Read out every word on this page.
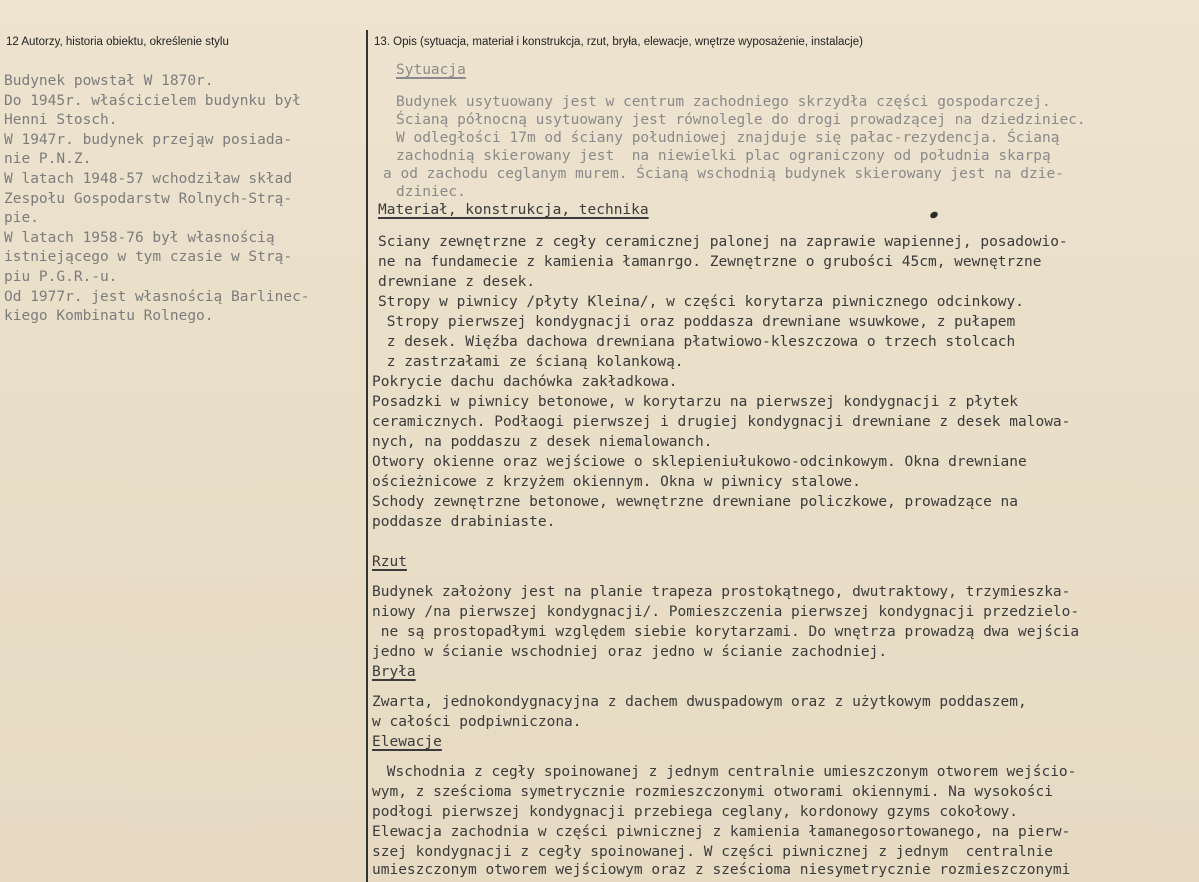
12 Autorzy, historia obiektu, określenie stylu	13. Opis (sytuacja, materiał i konstrukcja, rzut, bryła, elewacje, wnętrze wyposażenie, instalacje)
Budynek powstał W 1870r.
Do 1945r. właścicielem budynku był
Henni Stosch.
W 1947r. budynek przejąw posiada-
nie P.N.Z.
W latach 1948-57 wchodziław skład
Zespołu Gospodarstw Rolnych-Strą-
pie.
W latach 1958-76 był własnością
istniejącego w tym czasie w Strą-
piu P.G.R.-u.
Od 1977r. jest własnością Barlinec-
kiego Kombinatu Rolnego.
Sytuacja
Budynek usytuowany jest w centrum zachodniego skrzydła części gospodarczej.
Ścianą północną usytuowany jest równolegle do drogi prowadzącej na dziedziniec.
W odległości 17m od ściany południowej znajduje się pałac-rezydencja. Ścianą
zachodnią skierowany jest  na niewielki plac ograniczony od południa skarpą
a od zachodu ceglanym murem. Ścianą wschodnią budynek skierowany jest na dzie-
dziniec.
Materiał, konstrukcja, technika
Sciany zewnętrzne z cegły ceramicznej palonej na zaprawie wapiennej, posadowio-
ne na fundamecie z kamienia łamanrgo. Zewnętrzne o grubości 45cm, wewnętrzne
drewniane z desek.
Stropy w piwnicy /płyty Kleina/, w części korytarza piwnicznego odcinkowy.
Stropy pierwszej kondygnacji oraz poddasza drewniane wsuwkowe, z pułapem
z desek. Więźba dachowa drewniana płatwiowo-kleszczowa o trzech stolcach
z zastrzałami ze ścianą kolankową.
Pokrycie dachu dachówka zakładkowa.
Posadzki w piwnicy betonowe, w korytarzu na pierwszej kondygnacji z płytek
ceramicznych. Podłaogi pierwszej i drugiej kondygnacji drewniane z desek malowa-
nych, na poddaszu z desek niemalowanch.
Otwory okienne oraz wejściowe o sklepieniułukowo-odcinkowym. Okna drewniane
ościeżnicowe z krzyżem okiennym. Okna w piwnicy stalowe.
Schody zewnętrzne betonowe, wewnętrzne drewniane policzkowe, prowadzące na
poddasze drabiniaste.
Rzut
Budynek założony jest na planie trapeza prostokątnego, dwutraktowy, trzymieszka-
niowy /na pierwszej kondygnacji/. Pomieszczenia pierwszej kondygnacji przedzielo-
ne są prostopadłymi względem siebie korytarzami. Do wnętrza prowadzą dwa wejścia
jedno w ścianie wschodniej oraz jedno w ścianie zachodniej.
Bryła
Zwarta, jednokondygnacyjna z dachem dwuspadowym oraz z użytkowym poddaszem,
w całości podpiwniczona.
Elewacje
Wschodnia z cegły spoinowanej z jednym centralnie umieszczonym otworem wejścio-
wym, z sześcioma symetrycznie rozmieszczonymi otworami okiennymi. Na wysokości
podłogi pierwszej kondygnacji przebiega ceglany, kordonowy gzyms cokołowy.
Elewacja zachodnia w części piwnicznej z kamienia łamanegosortowanego, na pierw-
szej kondygnacji z cegły spoinowanej. W części piwnicznej z jednym  centralnie
umieszczonym otworem wejściowym oraz z sześcioma niesymetrycznie rozmieszczonymi
